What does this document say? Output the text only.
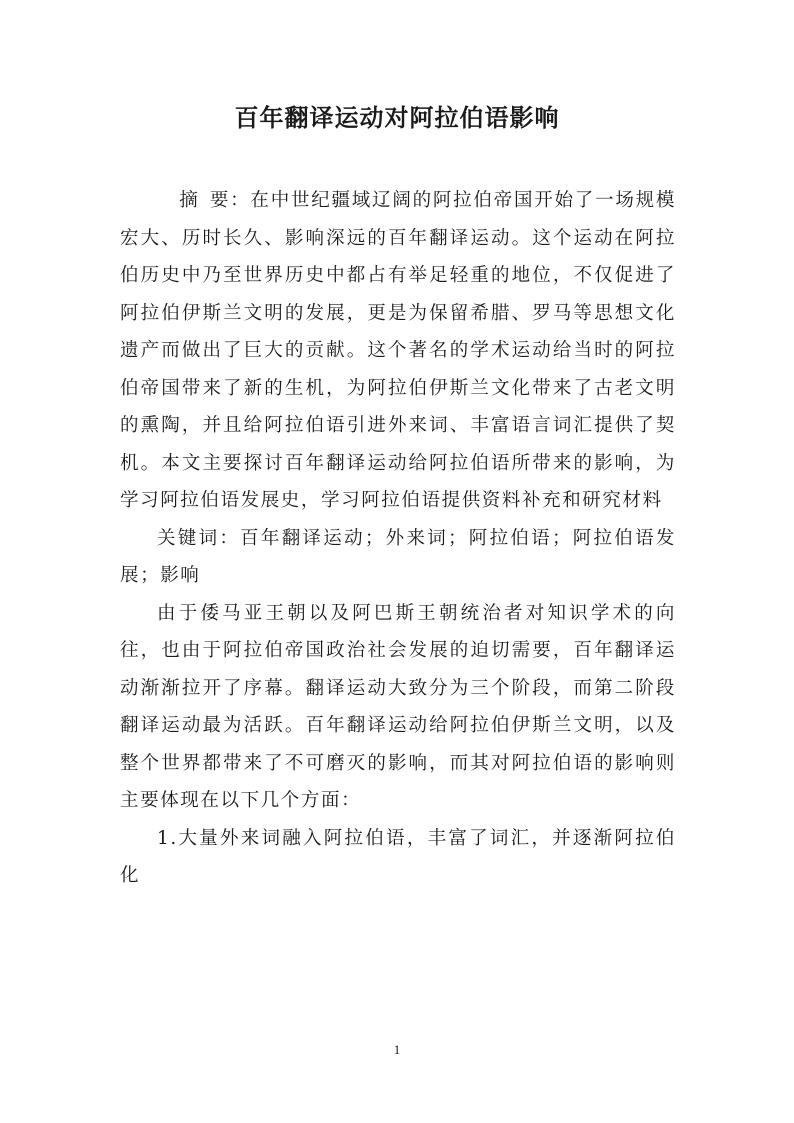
百年翻译运动对阿拉伯语影响

摘要：在中世纪疆域辽阔的阿拉伯帝国开始了一场规模宏大、历时长久、影响深远的百年翻译运动。这个运动在阿拉伯历史中乃至世界历史中都占有举足轻重的地位，不仅促进了阿拉伯伊斯兰文明的发展，更是为保留希腊、罗马等思想文化遗产而做出了巨大的贡献。这个著名的学术运动给当时的阿拉伯帝国带来了新的生机，为阿拉伯伊斯兰文化带来了古老文明的熏陶，并且给阿拉伯语引进外来词、丰富语言词汇提供了契机。本文主要探讨百年翻译运动给阿拉伯语所带来的影响，为学习阿拉伯语发展史，学习阿拉伯语提供资料补充和研究材料

关键词：百年翻译运动；外来词；阿拉伯语；阿拉伯语发展；影响

由于倭马亚王朝以及阿巴斯王朝统治者对知识学术的向往，也由于阿拉伯帝国政治社会发展的迫切需要，百年翻译运动渐渐拉开了序幕。翻译运动大致分为三个阶段，而第二阶段翻译运动最为活跃。百年翻译运动给阿拉伯伊斯兰文明，以及整个世界都带来了不可磨灭的影响，而其对阿拉伯语的影响则主要体现在以下几个方面：

1.大量外来词融入阿拉伯语，丰富了词汇，并逐渐阿拉伯化

1
